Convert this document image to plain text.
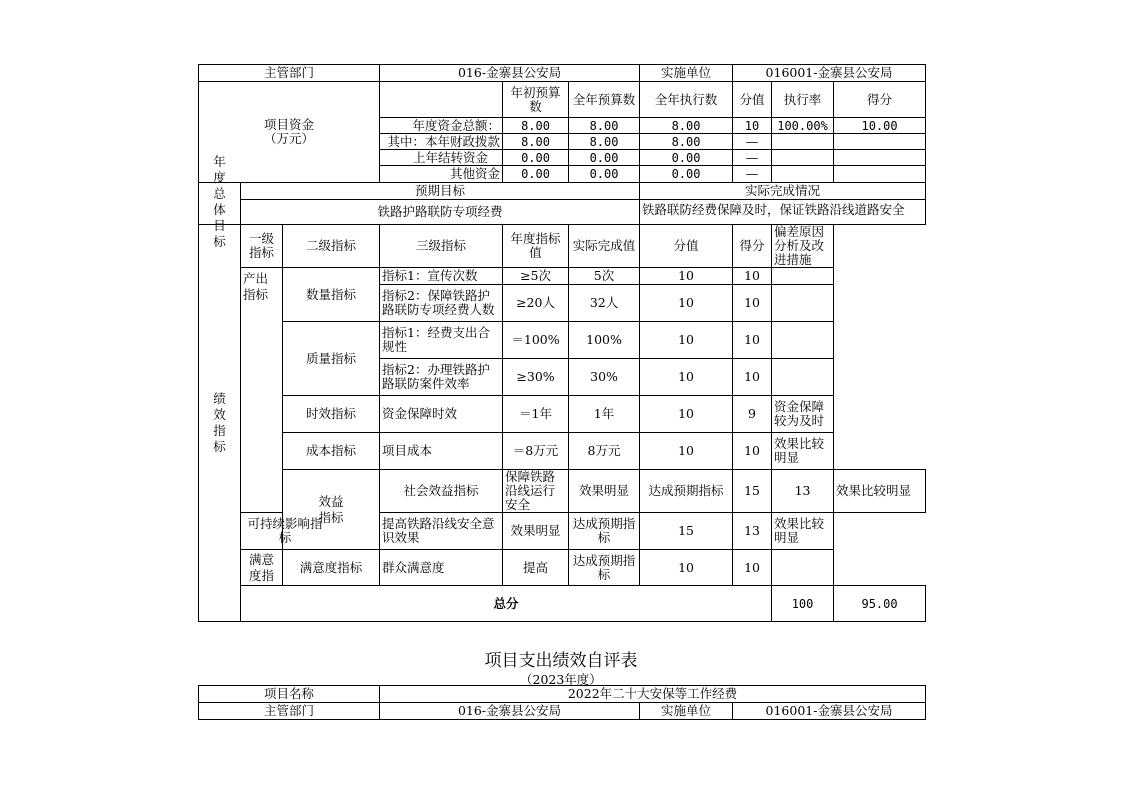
主管部门			016-金寨县公安局			实施单位	016001-金寨县公安局			

项目资金
（万元）				年初预算数	全年预算数	全年执行数	分值	执行率	得分	
			年度资金总额：	8.00	8.00	8.00	10	100.00%	10.00	
			其中：本年财政拨款	8.00	8.00	8.00	—			
			上年结转资金	0.00	0.00	0.00	—			
			其他资金	0.00	0.00	0.00	—			

年度总体目标	预期目标					实际完成情况				
	铁路护路联防专项经费					铁路联防经费保障及时，保证铁路沿线道路安全				

绩效指标	一级指标	二级指标	三级指标	年度指标值	实际完成值	分值	得分	偏差原因分析及改进措施		

	产出指标	数量指标	指标1：宣传次数	≥5次	5次	10	10			
			指标2：保障铁路护路联防专项经费人数	≥20人	32人	10	10			
		质量指标	指标1：经费支出合规性	＝100%	100%	10	10			
			指标2：办理铁路护路联防案件效率	≥30%	30%	10	10			
		时效指标	资金保障时效	＝1年	1年	10	9	资金保障较为及时		
		成本指标	项目成本	＝8万元	8万元	10	10	效果比较明显		

		效益指标	社会效益指标	保障铁路沿线运行安全	效果明显	达成预期指标	15	13	效果比较明显	

	可持续影响指标		提高铁路沿线安全意识效果	效果明显	达成预期指标	15	13	效果比较明显		

	满意度指	满意度指标	群众满意度	提高	达成预期指标	10	10			
	总分							100	95.00	
项目支出绩效自评表
（2023年度）
项目名称	2022年二十大安保等工作经费		
主管部门	016-金寨县公安局	实施单位	016001-金寨县公安局
